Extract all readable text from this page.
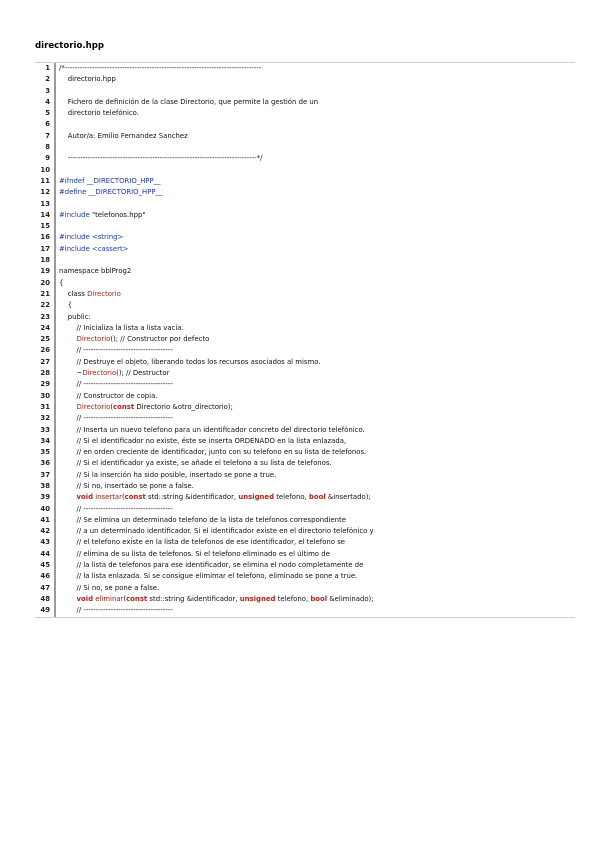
directorio.hpp
1	/*-------------------------------------------------------------------------------
2	directorio.hpp
3

4	Fichero de definición de la clase Directorio, que permite la gestión de un
5	directorio telefónico.
6

7	Autor/a: Emilio Fernandez Sanchez
8

9	----------------------------------------------------------------------------*/
10

11	#ifndef __DIRECTORIO_HPP__
12	#define __DIRECTORIO_HPP__
13

14	#include "telefonos.hpp"
15

16	#include <string>
17	#include <cassert>
18

19	namespace bblProg2
20	{
21	class Directorio
22	{
23	public:
24	// Inicializa la lista a lista vacía.
25	Directorio(); // Constructor por defecto
26	// ------------------------------------
27	// Destruye el objeto, liberando todos los recursos asociados al mismo.
28	~Directorio(); // Destructor
29	// ------------------------------------
30	// Constructor de copia.
31	Directorio(const Directorio &otro_directorio);
32	// ------------------------------------
33	// Inserta un nuevo telefono para un identificador concreto del directorio telefónico.
34	// Si el identificador no existe, éste se inserta ORDENADO en la lista enlazada,
35	// en orden creciente de identificador, junto con su telefono en su lista de telefonos.
36	// Si el identificador ya existe, se añade el telefono a su lista de telefonos.
37	// Si la inserción ha sido posible, insertado se pone a true.
38	// Si no, insertado se pone a false.
39	void insertar(const std::string &identificador, unsigned telefono, bool &insertado);
40	// ------------------------------------
41	// Se elimina un determinado telefono de la lista de telefonos correspondiente
42	// a un determinado identificador. Si el identificador existe en el directorio telefónico y
43	// el telefono existe en la lista de telefonos de ese identificador, el telefono se
44	// elimina de su lista de telefonos. Si el telefono eliminado es el último de
45	// la lista de telefonos para ese identificador, se elimina el nodo completamente de
46	// la lista enlazada. Si se consigue elimimar el telefono, eliminado se pone a true.
47	// Si no, se pone a false.
48	void eliminar(const std::string &identificador, unsigned telefono, bool &eliminado);
49	// ------------------------------------
